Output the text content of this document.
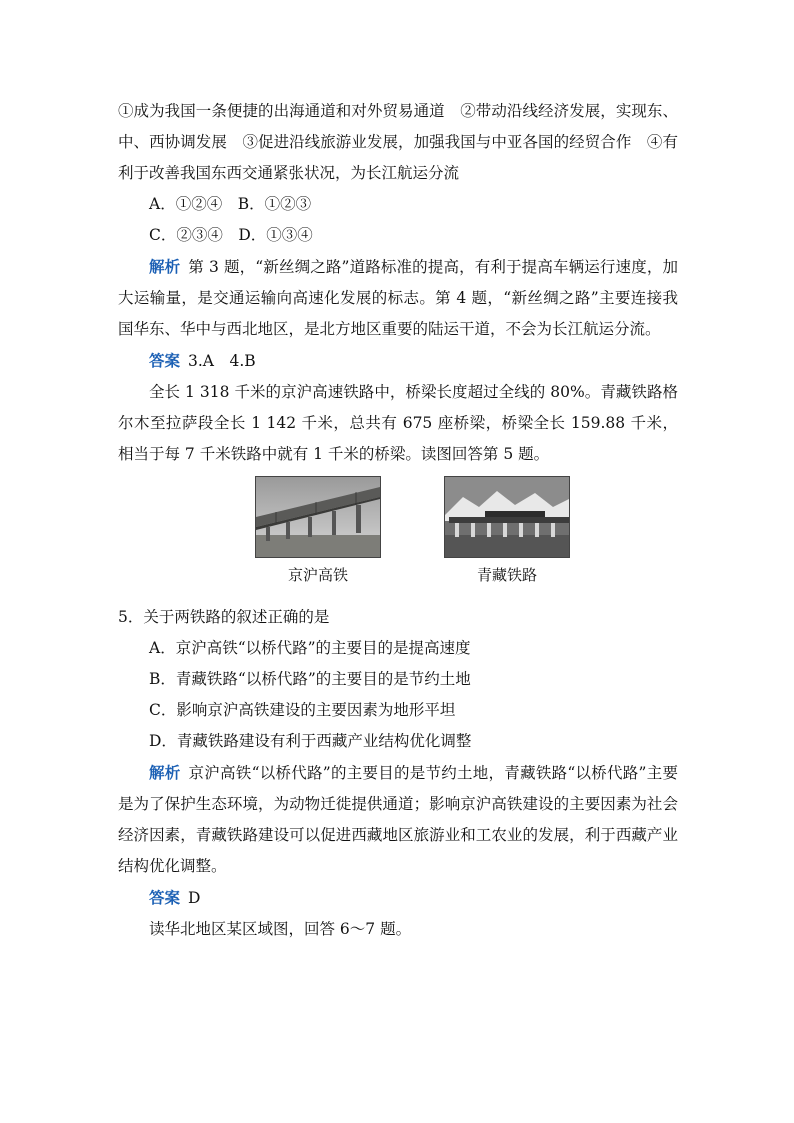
①成为我国一条便捷的出海通道和对外贸易通道　②带动沿线经济发展，实现东、中、西协调发展　③促进沿线旅游业发展，加强我国与中亚各国的经贸合作　④有利于改善我国东西交通紧张状况，为长江航运分流

A．①②④　B．①②③

C．②③④　D．①③④

解析 第 3 题，“新丝绸之路”道路标准的提高，有利于提高车辆运行速度，加大运输量，是交通运输向高速化发展的标志。第 4 题，“新丝绸之路”主要连接我国华东、华中与西北地区，是北方地区重要的陆运干道，不会为长江航运分流。

答案 3.A　4.B

全长 1 318 千米的京沪高速铁路中，桥梁长度超过全线的 80%。青藏铁路格尔木至拉萨段全长 1 142 千米，总共有 675 座桥梁，桥梁全长 159.88 千米，相当于每 7 千米铁路中就有 1 千米的桥梁。读图回答第 5 题。

京沪高铁	青藏铁路

5．关于两铁路的叙述正确的是

A．京沪高铁“以桥代路”的主要目的是提高速度

B．青藏铁路“以桥代路”的主要目的是节约土地

C．影响京沪高铁建设的主要因素为地形平坦

D．青藏铁路建设有利于西藏产业结构优化调整

解析 京沪高铁“以桥代路”的主要目的是节约土地，青藏铁路“以桥代路”主要是为了保护生态环境，为动物迁徙提供通道；影响京沪高铁建设的主要因素为社会经济因素，青藏铁路建设可以促进西藏地区旅游业和工农业的发展，利于西藏产业结构优化调整。

答案 D

读华北地区某区域图，回答 6～7 题。
